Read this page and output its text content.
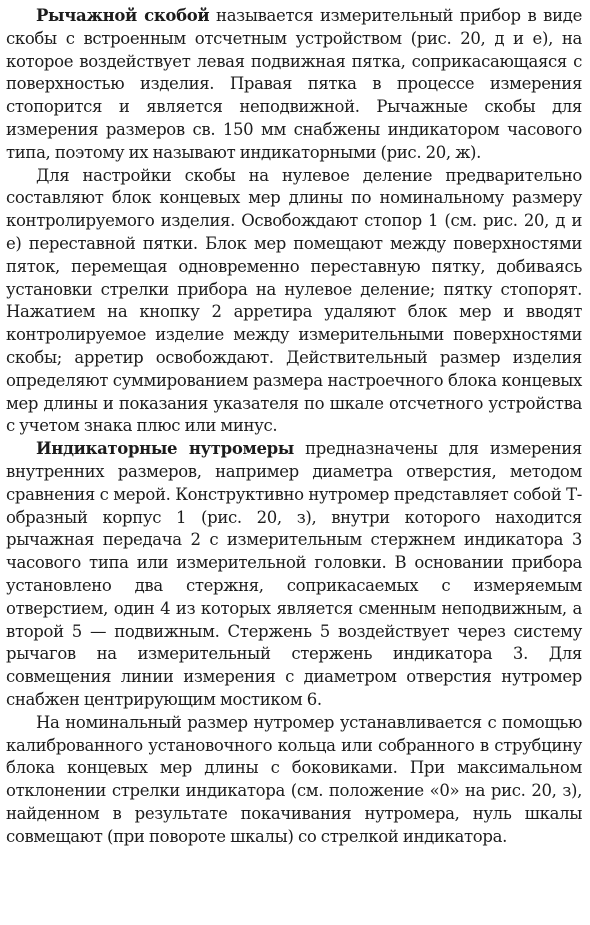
Рычажной скобой называется измерительный прибор в виде скобы с встроенным отсчетным устройством (рис. 20, д и е), на которое воздействует левая подвижная пятка, соприкасающаяся с поверхностью изделия. Правая пятка в процессе измерения стопорится и является неподвижной. Рычажные скобы для измерения размеров св. 150 мм снабжены индикатором часового типа, поэтому их называют индикаторными (рис. 20, ж).

Для настройки скобы на нулевое деление предварительно составляют блок концевых мер длины по номинальному размеру контролируемого изделия. Освобождают стопор 1 (см. рис. 20, д и е) переставной пятки. Блок мер помещают между поверхностями пяток, перемещая одновременно переставную пятку, добиваясь установки стрелки прибора на нулевое деление; пятку стопорят. Нажатием на кнопку 2 арретира удаляют блок мер и вводят контролируемое изделие между измерительными поверхностями скобы; арретир освобождают. Действительный размер изделия определяют суммированием размера настроечного блока концевых мер длины и показания указателя по шкале отсчетного устройства с учетом знака плюс или минус.

Индикаторные нутромеры предназначены для измерения внутренних размеров, например диаметра отверстия, методом сравнения с мерой. Конструктивно нутромер представляет собой Т-образный корпус 1 (рис. 20, з), внутри которого находится рычажная передача 2 с измерительным стержнем индикатора 3 часового типа или измерительной головки. В основании прибора установлено два стержня, соприкасаемых с измеряемым отверстием, один 4 из которых является сменным неподвижным, а второй 5 — подвижным. Стержень 5 воздействует через систему рычагов на измерительный стержень индикатора 3. Для совмещения линии измерения с диаметром отверстия нутромер снабжен центрирующим мостиком 6.

На номинальный размер нутромер устанавливается с помощью калиброванного установочного кольца или собранного в струбцину блока концевых мер длины с боковиками. При максимальном отклонении стрелки индикатора (см. положение «0» на рис. 20, з), найденном в результате покачивания нутромера, нуль шкалы совмещают (при повороте шкалы) со стрелкой индикатора.
